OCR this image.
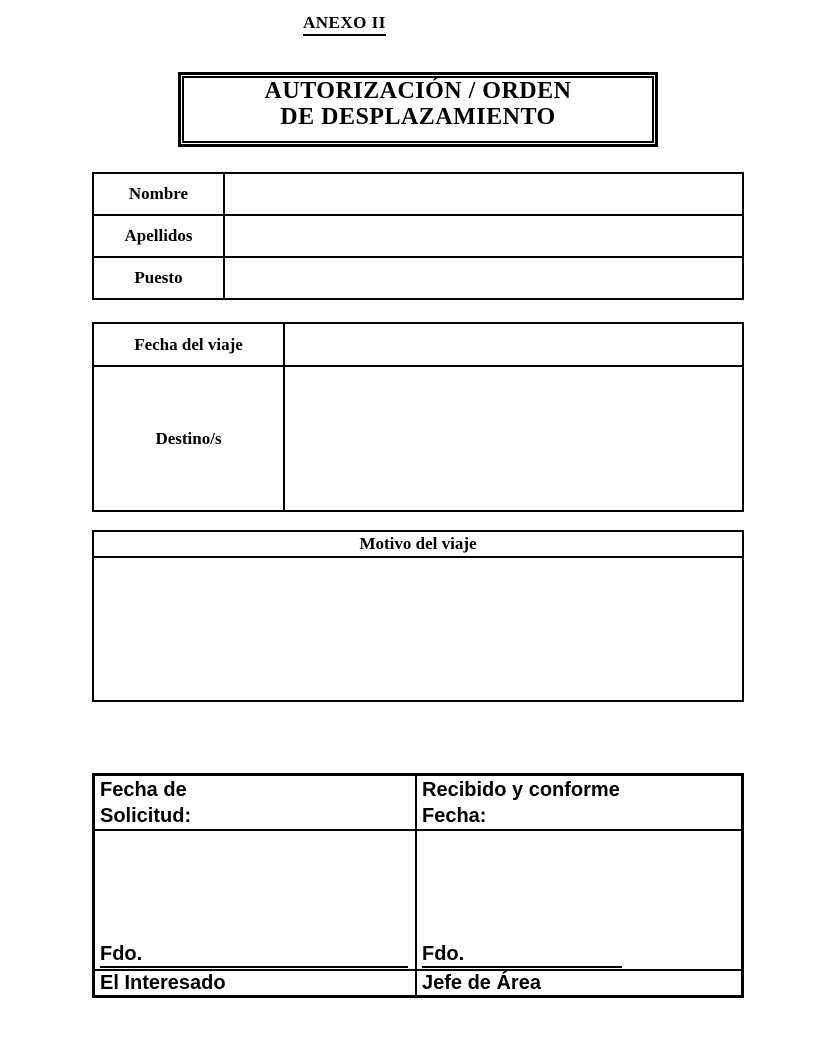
ANEXO II
AUTORIZACIÓN / ORDEN
DE DESPLAZAMIENTO
Nombre
Apellidos
Puesto
Fecha del viaje
Destino/s
Motivo del viaje
Fecha de
Solicitud:
Recibido y conforme
Fecha:
Fdo.	Fdo.
El Interesado	Jefe de Área
